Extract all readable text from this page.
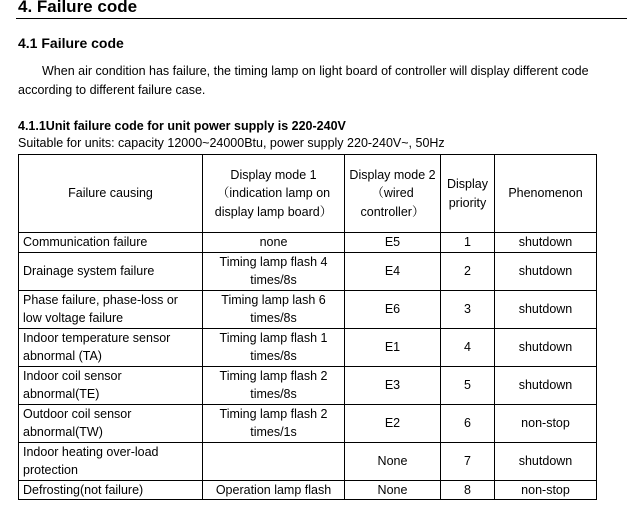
4. Failure code
4.1 Failure code

When air condition has failure, the timing lamp on light board of controller will display different code according to different failure case.

4.1.1Unit failure code for unit power supply is 220-240V

Suitable for units: capacity 12000~24000Btu, power supply 220-240V~, 50Hz

Failure causing	Display mode 1 （indication lamp on display lamp board）	Display mode 2 （wired controller）	Display priority	Phenomenon
Communication failure	none	E5	1	shutdown
Drainage system failure	Timing lamp flash 4 times/8s	E4	2	shutdown
Phase failure, phase-loss or low voltage failure	Timing lamp lash 6 times/8s	E6	3	shutdown
Indoor temperature sensor abnormal (TA)	Timing lamp flash 1 times/8s	E1	4	shutdown
Indoor coil sensor abnormal(TE)	Timing lamp flash 2 times/8s	E3	5	shutdown
Outdoor coil sensor abnormal(TW)	Timing lamp flash 2 times/1s	E2	6	non-stop
Indoor heating over-load protection		None	7	shutdown
Defrosting(not failure)	Operation lamp flash	None	8	non-stop
